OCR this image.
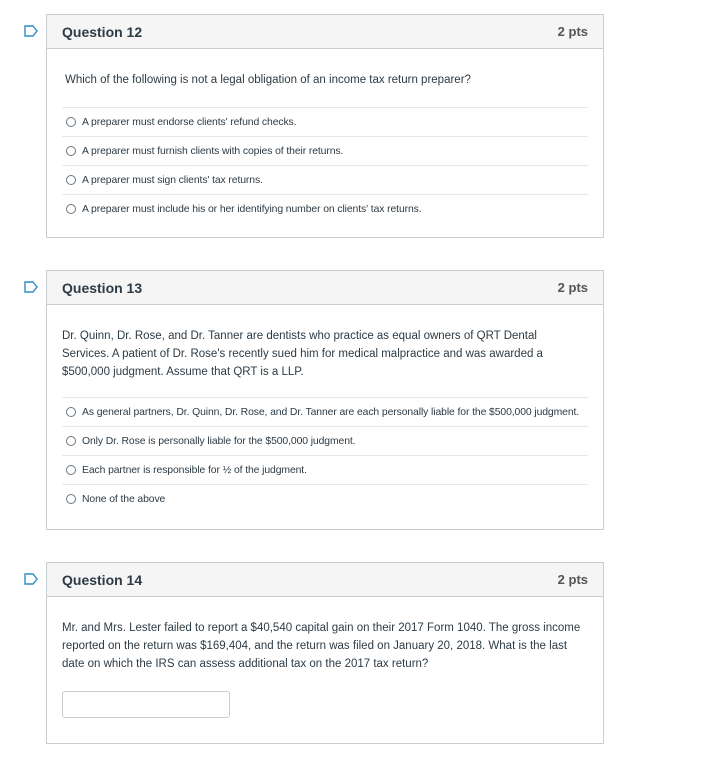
Question 12	2 pts
Which of the following is not a legal obligation of an income tax return preparer?
A preparer must endorse clients' refund checks.
A preparer must furnish clients with copies of their returns.
A preparer must sign clients' tax returns.
A preparer must include his or her identifying number on clients' tax returns.
Question 13	2 pts
Dr. Quinn, Dr. Rose, and Dr. Tanner are dentists who practice as equal owners of QRT Dental Services. A patient of Dr. Rose's recently sued him for medical malpractice and was awarded a $500,000 judgment. Assume that QRT is a LLP.
As general partners, Dr. Quinn, Dr. Rose, and Dr. Tanner are each personally liable for the $500,000 judgment.
Only Dr. Rose is personally liable for the $500,000 judgment.
Each partner is responsible for ½ of the judgment.
None of the above
Question 14	2 pts
Mr. and Mrs. Lester failed to report a $40,540 capital gain on their 2017 Form 1040. The gross income reported on the return was $169,404, and the return was filed on January 20, 2018. What is the last date on which the IRS can assess additional tax on the 2017 tax return?
